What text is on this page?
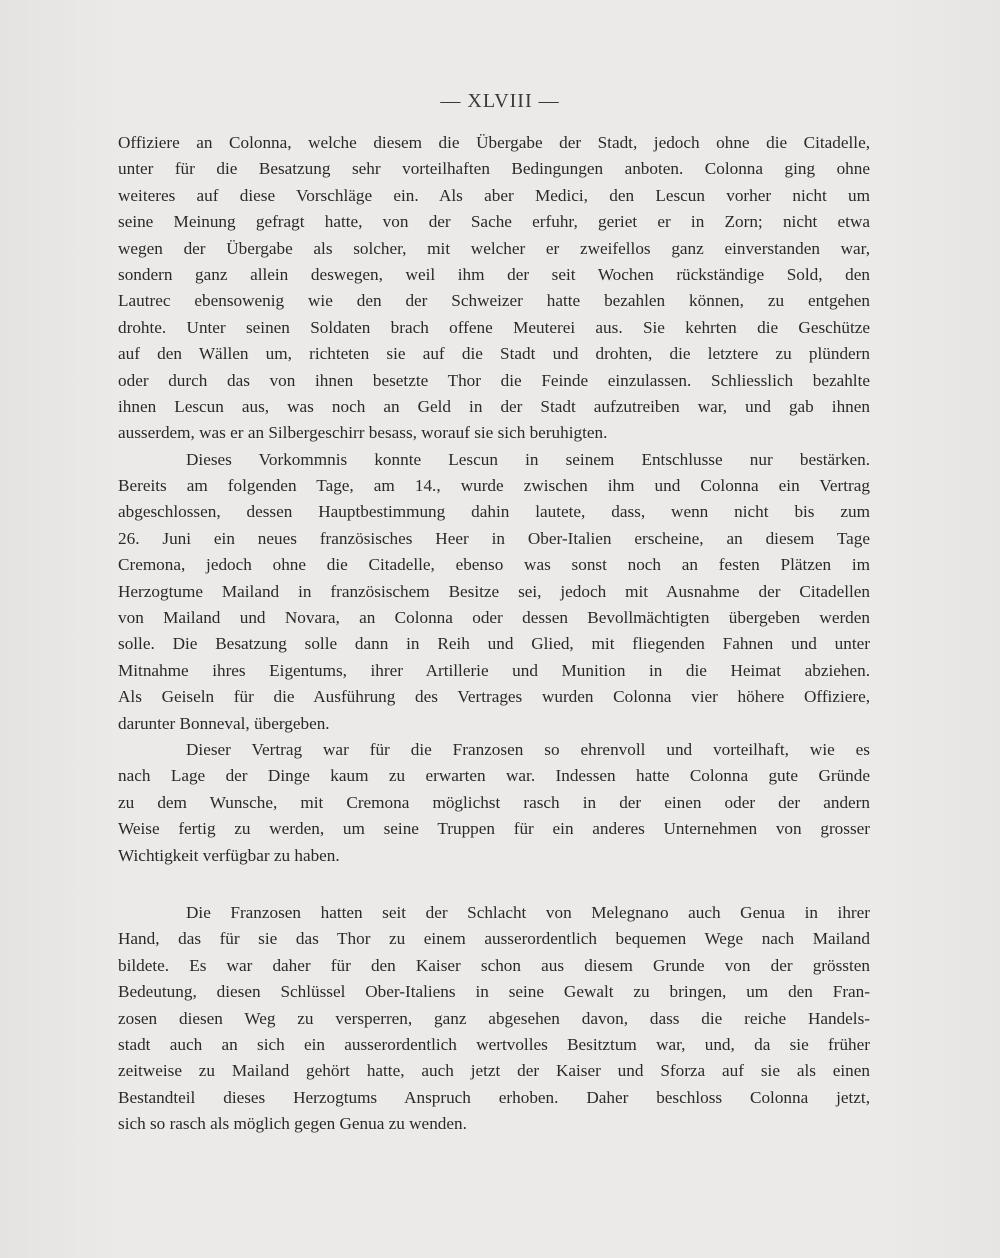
— XLVIII —
Offiziere an Colonna, welche diesem die Übergabe der Stadt, jedoch ohne die Citadelle,
unter für die Besatzung sehr vorteilhaften Bedingungen anboten. Colonna ging ohne
weiteres auf diese Vorschläge ein. Als aber Medici, den Lescun vorher nicht um
seine Meinung gefragt hatte, von der Sache erfuhr, geriet er in Zorn; nicht etwa
wegen der Übergabe als solcher, mit welcher er zweifellos ganz einverstanden war,
sondern ganz allein deswegen, weil ihm der seit Wochen rückständige Sold, den
Lautrec ebensowenig wie den der Schweizer hatte bezahlen können, zu entgehen
drohte. Unter seinen Soldaten brach offene Meuterei aus. Sie kehrten die Geschütze
auf den Wällen um, richteten sie auf die Stadt und drohten, die letztere zu plündern
oder durch das von ihnen besetzte Thor die Feinde einzulassen. Schliesslich bezahlte
ihnen Lescun aus, was noch an Geld in der Stadt aufzutreiben war, und gab ihnen
ausserdem, was er an Silbergeschirr besass, worauf sie sich beruhigten.
Dieses Vorkommnis konnte Lescun in seinem Entschlusse nur bestärken.
Bereits am folgenden Tage, am 14., wurde zwischen ihm und Colonna ein Vertrag
abgeschlossen, dessen Hauptbestimmung dahin lautete, dass, wenn nicht bis zum
26. Juni ein neues französisches Heer in Ober-Italien erscheine, an diesem Tage
Cremona, jedoch ohne die Citadelle, ebenso was sonst noch an festen Plätzen im
Herzogtume Mailand in französischem Besitze sei, jedoch mit Ausnahme der Citadellen
von Mailand und Novara, an Colonna oder dessen Bevollmächtigten übergeben werden
solle. Die Besatzung solle dann in Reih und Glied, mit fliegenden Fahnen und unter
Mitnahme ihres Eigentums, ihrer Artillerie und Munition in die Heimat abziehen.
Als Geiseln für die Ausführung des Vertrages wurden Colonna vier höhere Offiziere,
darunter Bonneval, übergeben.
Dieser Vertrag war für die Franzosen so ehrenvoll und vorteilhaft, wie es
nach Lage der Dinge kaum zu erwarten war. Indessen hatte Colonna gute Gründe
zu dem Wunsche, mit Cremona möglichst rasch in der einen oder der andern
Weise fertig zu werden, um seine Truppen für ein anderes Unternehmen von grosser
Wichtigkeit verfügbar zu haben.
Die Franzosen hatten seit der Schlacht von Melegnano auch Genua in ihrer
Hand, das für sie das Thor zu einem ausserordentlich bequemen Wege nach Mailand
bildete. Es war daher für den Kaiser schon aus diesem Grunde von der grössten
Bedeutung, diesen Schlüssel Ober-Italiens in seine Gewalt zu bringen, um den Fran-
zosen diesen Weg zu versperren, ganz abgesehen davon, dass die reiche Handels-
stadt auch an sich ein ausserordentlich wertvolles Besitztum war, und, da sie früher
zeitweise zu Mailand gehört hatte, auch jetzt der Kaiser und Sforza auf sie als einen
Bestandteil dieses Herzogtums Anspruch erhoben. Daher beschloss Colonna jetzt,
sich so rasch als möglich gegen Genua zu wenden.
